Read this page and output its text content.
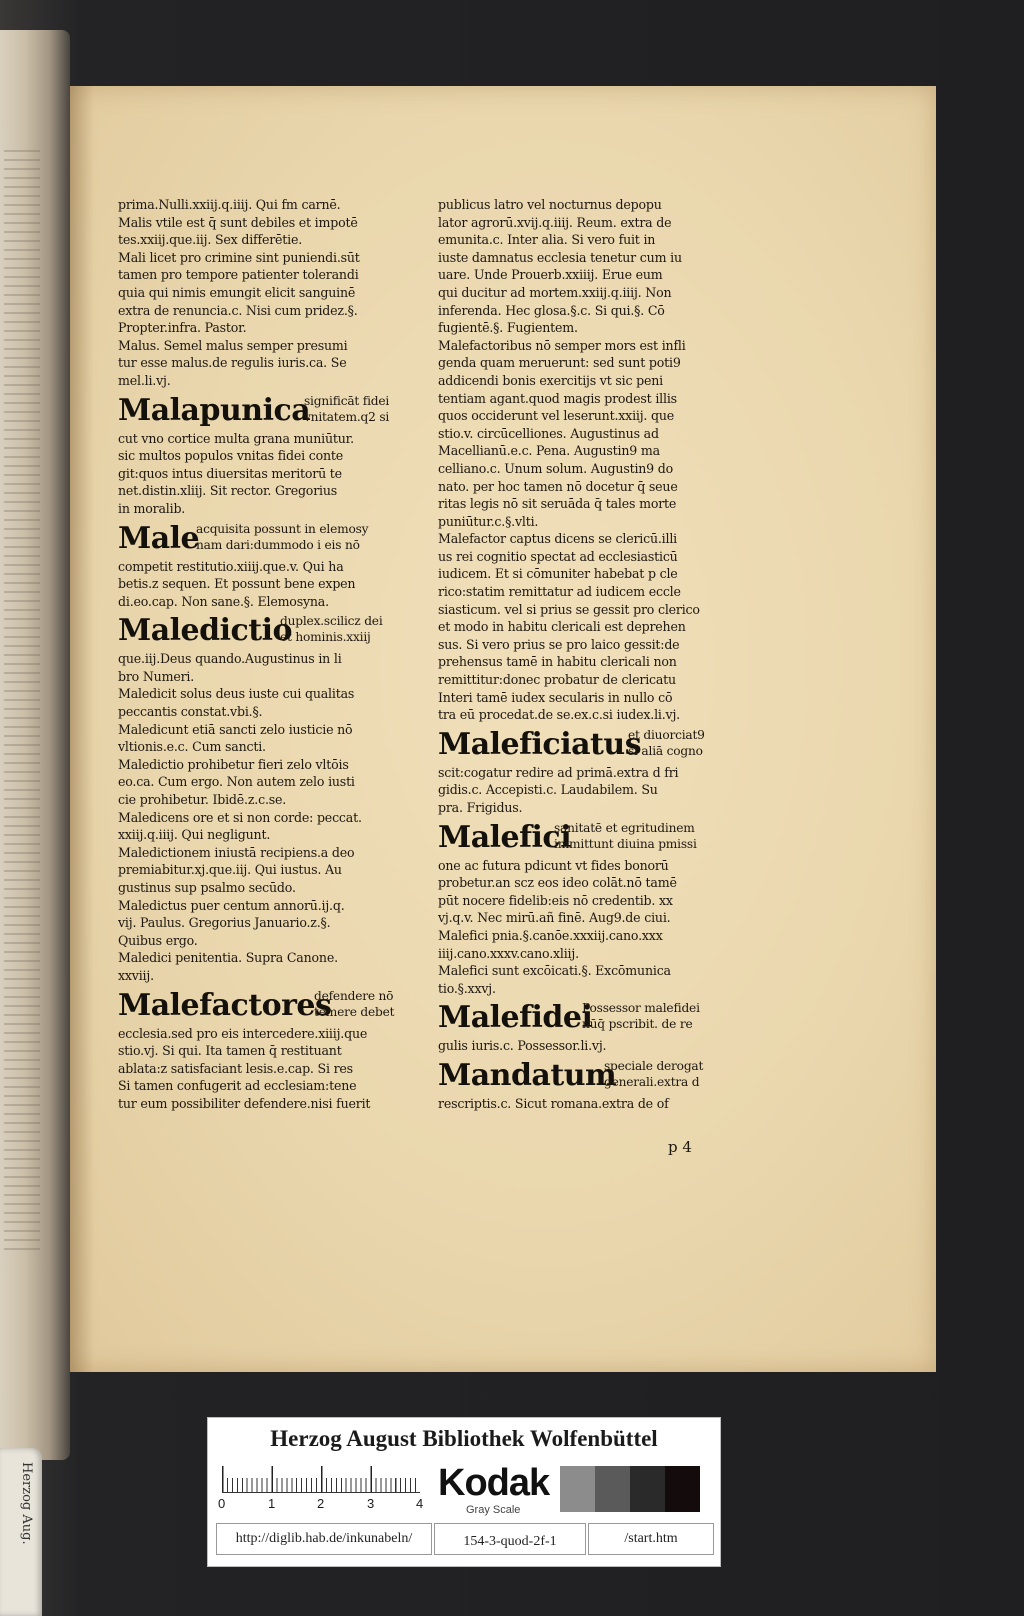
Herzog Aug.
prima.Nulli.xxiij.q.iiij. Qui fm carnē.
Malis vtile est q̄ sunt debiles et impotē
tes.xxiij.que.iij. Sex differētie.
Mali licet pro crimine sint puniendi.sūt
tamen pro tempore patienter tolerandi
quia qui nimis emungit elicit sanguinē
extra de renuncia.c. Nisi cum pridez.§.
Propter.infra. Pastor.
Malus. Semel malus semper presumi
tur esse malus.de regulis iuris.ca. Se
mel.li.vj.
Malapunica
significāt fidei
vnitatem.q2 si
cut vno cortice multa grana muniūtur.
sic multos populos vnitas fidei conte
git:quos intus diuersitas meritorū te
net.distin.xliij. Sit rector. Gregorius
in moralib.
Male
acquisita possunt in elemosy
nam dari:dummodo i eis nō
competit restitutio.xiiij.que.v. Qui ha
betis.z sequen. Et possunt bene expen
di.eo.cap. Non sane.§. Elemosyna.
Maledictio
duplex.scilicz dei
et hominis.xxiij
que.iij.Deus quando.Augustinus in li
bro Numeri.
Maledicit solus deus iuste cui qualitas
peccantis constat.vbi.§.
Maledicunt etiā sancti zelo iusticie nō
vltionis.e.c. Cum sancti.
Maledictio prohibetur fieri zelo vltōis
eo.ca. Cum ergo. Non autem zelo iusti
cie prohibetur. Ibidē.z.c.se.
Maledicens ore et si non corde: peccat.
xxiij.q.iiij. Qui negligunt.
Maledictionem iniustā recipiens.a deo
premiabitur.xj.que.iij. Qui iustus. Au
gustinus sup psalmo secūdo.
Maledictus puer centum annorū.ij.q.
vij. Paulus. Gregorius Januario.z.§.
Quibus ergo.
Maledici penitentia. Supra Canone.
xxviij.
Malefactores
defendere nō
temere debet
ecclesia.sed pro eis intercedere.xiiij.que
stio.vj. Si qui. Ita tamen q̄ restituant
ablata:z satisfaciant lesis.e.cap. Si res
Si tamen confugerit ad ecclesiam:tene
tur eum possibiliter defendere.nisi fuerit
publicus latro vel nocturnus depopu
lator agrorū.xvij.q.iiij. Reum. extra de
emunita.c. Inter alia. Si vero fuit in
iuste damnatus ecclesia tenetur cum iu
uare. Unde Prouerb.xxiiij. Erue eum
qui ducitur ad mortem.xxiij.q.iiij. Non
inferenda. Hec glosa.§.c. Si qui.§. Cō
fugientē.§. Fugientem.
Malefactoribus nō semper mors est infli
genda quam meruerunt: sed sunt poti9
addicendi bonis exercitijs vt sic peni
tentiam agant.quod magis prodest illis
quos occiderunt vel leserunt.xxiij. que
stio.v. circūcelliones. Augustinus ad
Macellianū.e.c. Pena. Augustin9 ma
celliano.c. Unum solum. Augustin9 do
nato. per hoc tamen nō docetur q̄ seue
ritas legis nō sit seruāda q̄ tales morte
puniūtur.c.§.vlti.
Malefactor captus dicens se clericū.illi
us rei cognitio spectat ad ecclesiasticū
iudicem. Et si cōmuniter habebat p cle
rico:statim remittatur ad iudicem eccle
siasticum. vel si prius se gessit pro clerico
et modo in habitu clericali est deprehen
sus. Si vero prius se pro laico gessit:de
prehensus tamē in habitu clericali non
remittitur:donec probatur de clericatu
Interi tamē iudex secularis in nullo cō
tra eū procedat.de se.ex.c.si iudex.li.vj.
Maleficiatus
et diuorciat9
si aliā cogno
scit:cogatur redire ad primā.extra d fri
gidis.c. Accepisti.c. Laudabilem. Su
pra. Frigidus.
Malefici
sanitatē et egritudinem
immittunt diuina pmissi
one ac futura pdicunt vt fides bonorū
probetur.an scz eos ideo colāt.nō tamē
pūt nocere fidelib:eis nō credentib. xx
vj.q.v. Nec mirū.añ finē. Aug9.de ciui.
Malefici pnia.§.canōe.xxxiij.cano.xxx
iiij.cano.xxxv.cano.xliij.
Malefici sunt excōicati.§. Excōmunica
tio.§.xxvj.
Malefidei
Possessor malefidei
nūq̄ pscribit. de re
gulis iuris.c. Possessor.li.vj.
Mandatum
speciale derogat
generali.extra d
rescriptis.c. Sicut romana.extra de of
p 4
Herzog August Bibliothek Wolfenbüttel
0	1	2	3	4 Kodak
Gray Scale
http://diglib.hab.de/inkunabeln/	154-3-quod-2f-1	/start.htm
